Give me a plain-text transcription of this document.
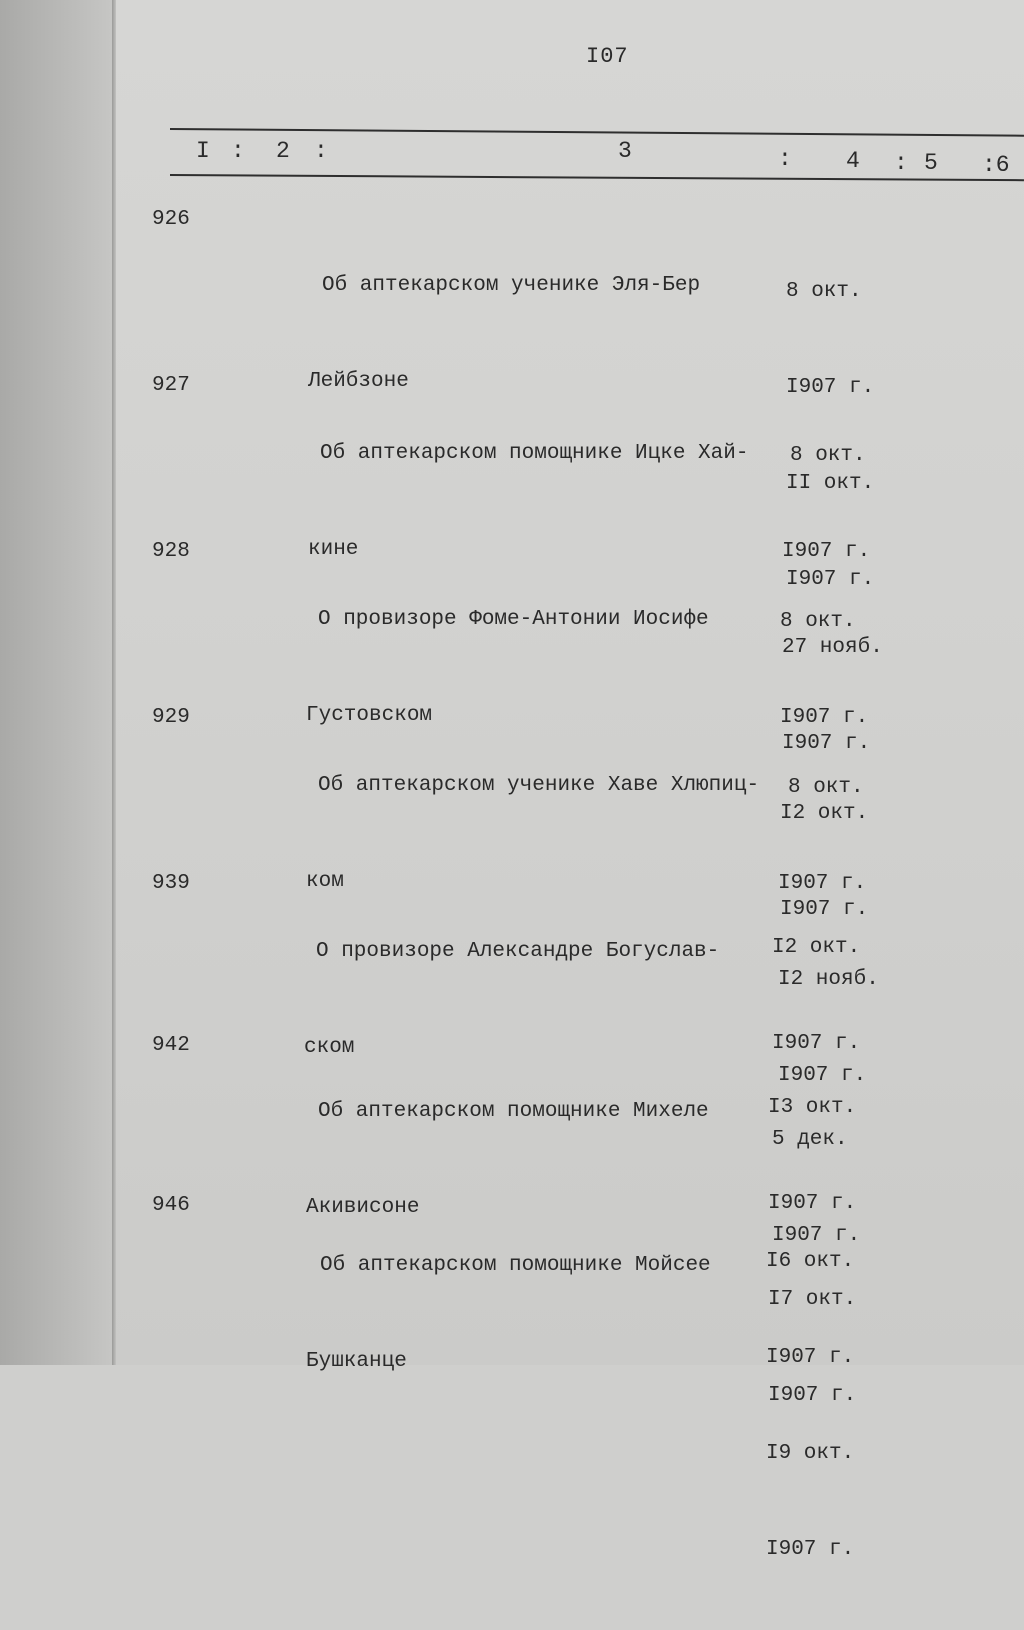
I07
I : 2 :	3	: 4 : 5 :6
926

Об аптекарском ученике Эля-Бер

Лейбзоне

8 окт.

I907 г.

II окт.

I907 г.

927

Об аптекарском помощнике Ицке Хай-

кине

8 окт.

I907 г.

27 нояб.

I907 г.

928

О провизоре Фоме-Антонии Иосифе

Густовском

8 окт.

I907 г.

I2 окт.

I907 г.

929

Об аптекарском ученике Хаве Хлюпиц-

ком

8 окт.

I907 г.

I2 нояб.

I907 г.

939

О провизоре Александре Богуслав-

ском

I2 окт.

I907 г.

5 дек.

I907 г.

942

Об аптекарском помощнике Михеле

Акивисоне

I3 окт.

I907 г.

I7 окт.

I907 г.

946

Об аптекарском помощнике Мойсее

Бушканце

I6 окт.

I907 г.

I9 окт.

I907 г.
